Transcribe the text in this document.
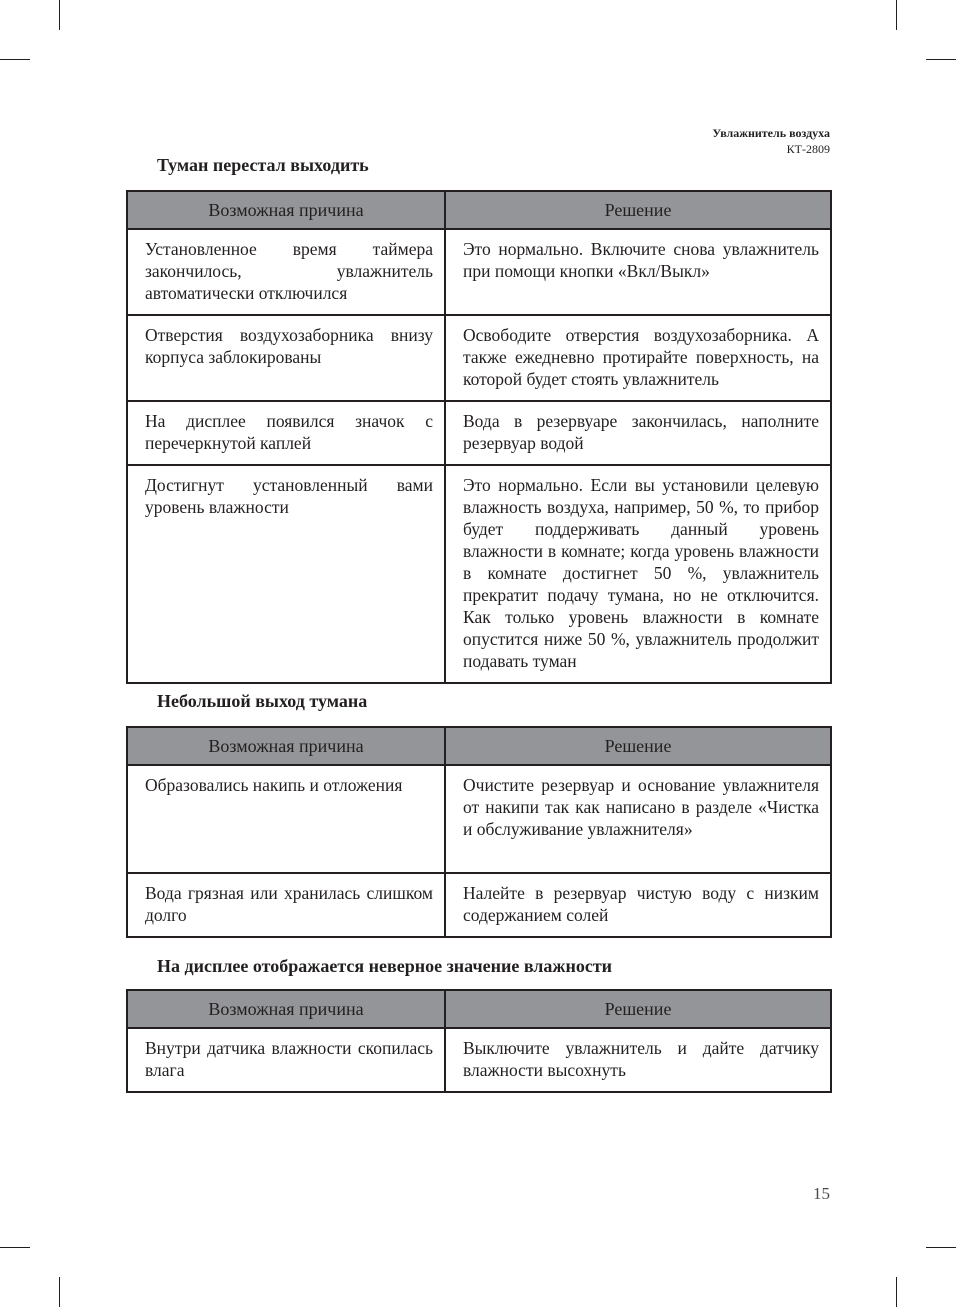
Увлажнитель воздуха
КТ-2809
Туман перестал выходить
Возможная причина	Решение
Установленное время таймера закончилось, увлажнитель автоматически отключился	Это нормально. Включите снова увлажнитель при помощи кнопки «Вкл/Выкл»
Отверстия воздухозаборника внизу корпуса заблокированы	Освободите отверстия воздухозаборника. А также ежедневно протирайте поверхность, на которой будет стоять увлажнитель
На дисплее появился значок с перечеркнутой каплей	Вода в резервуаре закончилась, наполните резервуар водой
Достигнут установленный вами уровень влажности	Это нормально. Если вы установили целевую влажность воздуха, например, 50 %, то прибор будет поддерживать данный уровень влажности в комнате; когда уровень влажности в комнате достигнет 50 %, увлажнитель прекратит подачу тумана, но не отключится. Как только уровень влажности в комнате опустится ниже 50 %, увлажнитель продолжит подавать туман
Небольшой выход тумана
Возможная причина	Решение
Образовались накипь и отложения	Очистите резервуар и основание увлажнителя от накипи так как написано в разделе «Чистка и обслуживание увлажнителя»
Вода грязная или хранилась слишком долго	Налейте в резервуар чистую воду с низким содержанием солей
На дисплее отображается неверное значение влажности
Возможная причина	Решение
Внутри датчика влажности скопилась влага	Выключите увлажнитель и дайте датчику влажности высохнуть
15
